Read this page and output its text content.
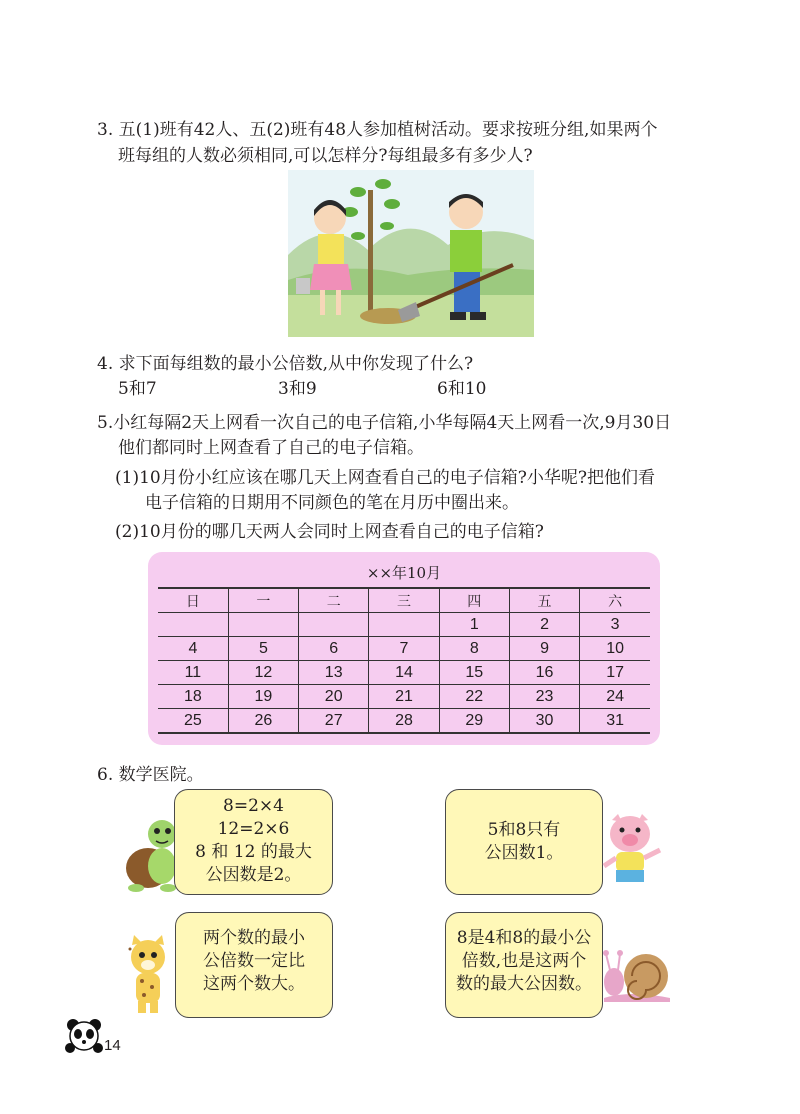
3. 五(1)班有42人、五(2)班有48人参加植树活动。要求按班分组,如果两个
班每组的人数必须相同,可以怎样分?每组最多有多少人?
4. 求下面每组数的最小公倍数,从中你发现了什么?
5和7	3和9	6和10
5.小红每隔2天上网看一次自己的电子信箱,小华每隔4天上网看一次,9月30日
他们都同时上网查看了自己的电子信箱。
(1)10月份小红应该在哪几天上网查看自己的电子信箱?小华呢?把他们看
电子信箱的日期用不同颜色的笔在月历中圈出来。
(2)10月份的哪几天两人会同时上网查看自己的电子信箱?
××年10月
日	一	二	三	四	五	六
				1	2	3
4	5	6	7	8	9	10
11	12	13	14	15	16	17
18	19	20	21	22	23	24
25	26	27	28	29	30	31
6. 数学医院。
8=2×4
12=2×6
8 和 12 的最大
公因数是2。
5和8只有
公因数1。
两个数的最小
公倍数一定比
这两个数大。
8是4和8的最小公
倍数,也是这两个
数的最大公因数。
14
